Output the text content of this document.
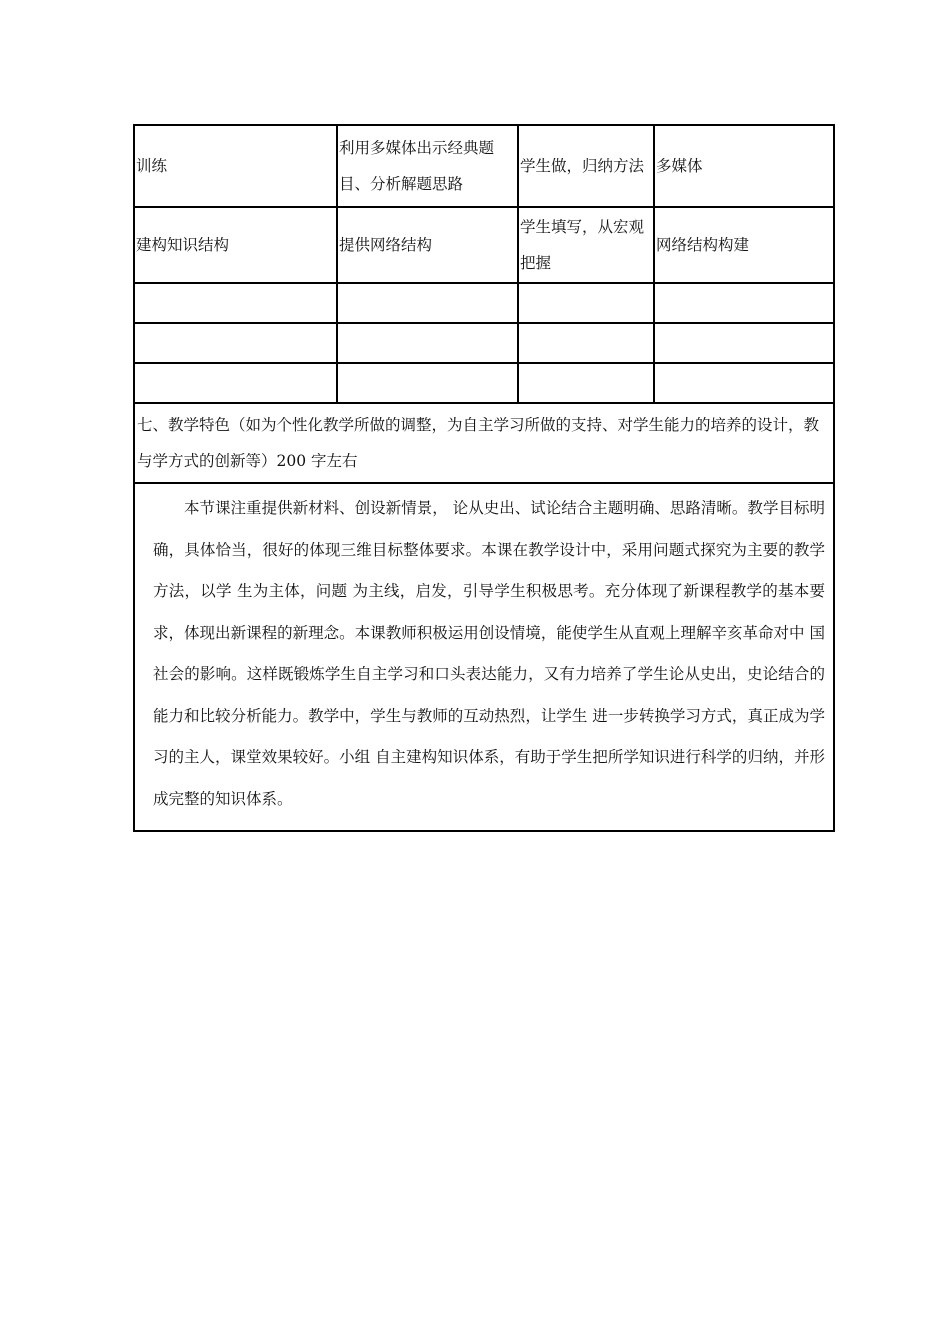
训练	利用多媒体出示经典题目、分析解题思路	学生做，归纳方法	多媒体

建构知识结构	提供网络结构	学生填写，从宏观把握	网络结构构建

七、教学特色（如为个性化教学所做的调整，为自主学习所做的支持、对学生能力的培养的设计，教与学方式的创新等）200 字左右			

本节课注重提供新材料、创设新情景， 论从史出、试论结合主题明确、思路清晰。教学目标明确，具体恰当，很好的体现三维目标整体要求。本课在教学设计中，采用问题式探究为主要的教学方法，以学 生为主体，问题 为主线，启发，引导学生积极思考。充分体现了新课程教学的基本要求，体现出新课程的新理念。本课教师积极运用创设情境，能使学生从直观上理解辛亥革命对中 国社会的影响。这样既锻炼学生自主学习和口头表达能力，又有力培养了学生论从史出，史论结合的能力和比较分析能力。教学中，学生与教师的互动热烈，让学生 进一步转换学习方式，真正成为学习的主人，课堂效果较好。小组 自主建构知识体系，有助于学生把所学知识进行科学的归纳，并形成完整的知识体系。			
